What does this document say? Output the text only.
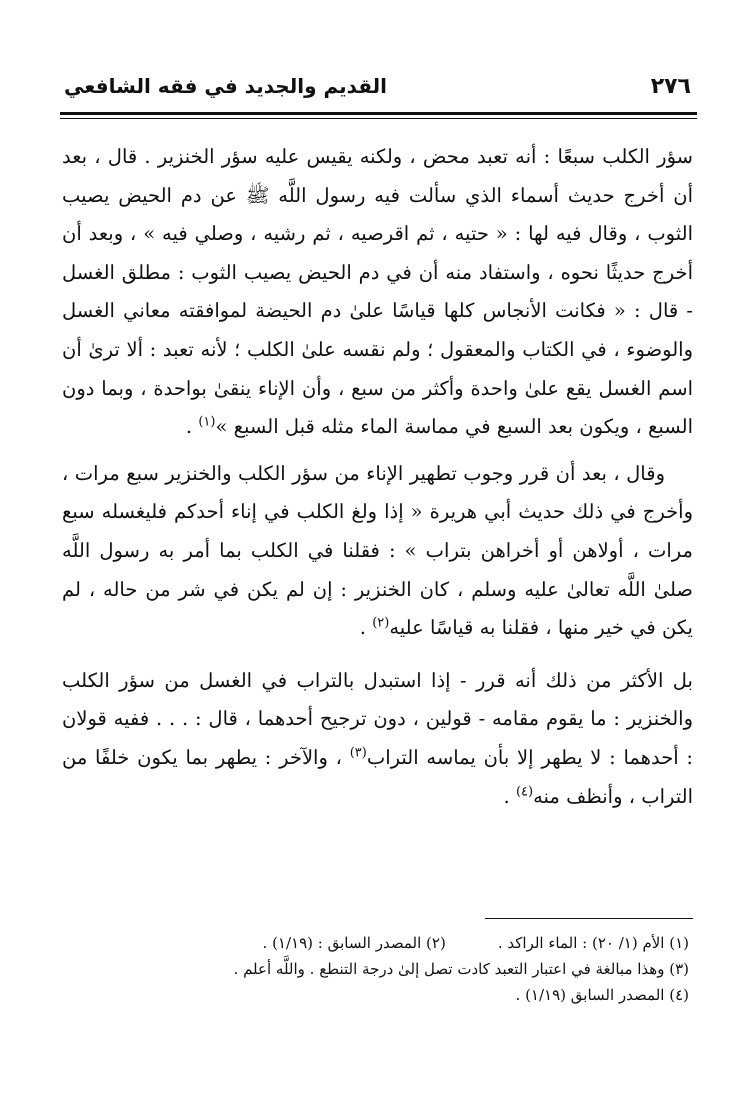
٢٧٦
القديم والجديد في فقه الشافعي

سؤر الكلب سبعًا : أنه تعبد محض ، ولكنه يقيس عليه سؤر الخنزير . قال ، بعد أن أخرج حديث أسماء الذي سألت فيه رسول اللَّه ﷺ عن دم الحيض يصيب الثوب ، وقال فيه لها : « حتيه ، ثم اقرصيه ، ثم رشيه ، وصلي فيه » ، وبعد أن أخرج حديثًا نحوه ، واستفاد منه أن في دم الحيض يصيب الثوب : مطلق الغسل - قال : « فكانت الأنجاس كلها قياسًا علىٰ دم الحيضة لموافقته معاني الغسل والوضوء ، في الكتاب والمعقول ؛ ولم نقسه علىٰ الكلب ؛ لأنه تعبد : ألا ترىٰ أن اسم الغسل يقع علىٰ واحدة وأكثر من سبع ، وأن الإناء ينقىٰ بواحدة ، وبما دون السبع ، ويكون بعد السبع في مماسة الماء مثله قبل السبع »$^{(١)}$ .

وقال ، بعد أن قرر وجوب تطهير الإناء من سؤر الكلب والخنزير سبع مرات ، وأخرج في ذلك حديث أبي هريرة « إذا ولغ الكلب في إناء أحدكم فليغسله سبع مرات ، أولاهن أو أخراهن بتراب » : فقلنا في الكلب بما أمر به رسول اللَّه صلىٰ اللَّه تعالىٰ عليه وسلم ، كان الخنزير : إن لم يكن في شر من حاله ، لم يكن في خير منها ، فقلنا به قياسًا عليه$^{(٢)}$ .

بل الأكثر من ذلك أنه قرر - إذا استبدل بالتراب في الغسل من سؤر الكلب والخنزير : ما يقوم مقامه - قولين ، دون ترجيح أحدهما ، قال : . . . ففيه قولان : أحدهما : لا يطهر إلا بأن يماسه التراب$^{(٣)}$ ، والآخر : يطهر بما يكون خلفًا من التراب ، وأنظف منه$^{(٤)}$ .

(١) الأم (١/ ٢٠) : الماء الراكد .(٢) المصدر السابق : (١/١٩) .
(٣) وهذا مبالغة في اعتبار التعبد كادت تصل إلىٰ درجة التنطع . واللَّه أعلم .
(٤) المصدر السابق (١/١٩) .
